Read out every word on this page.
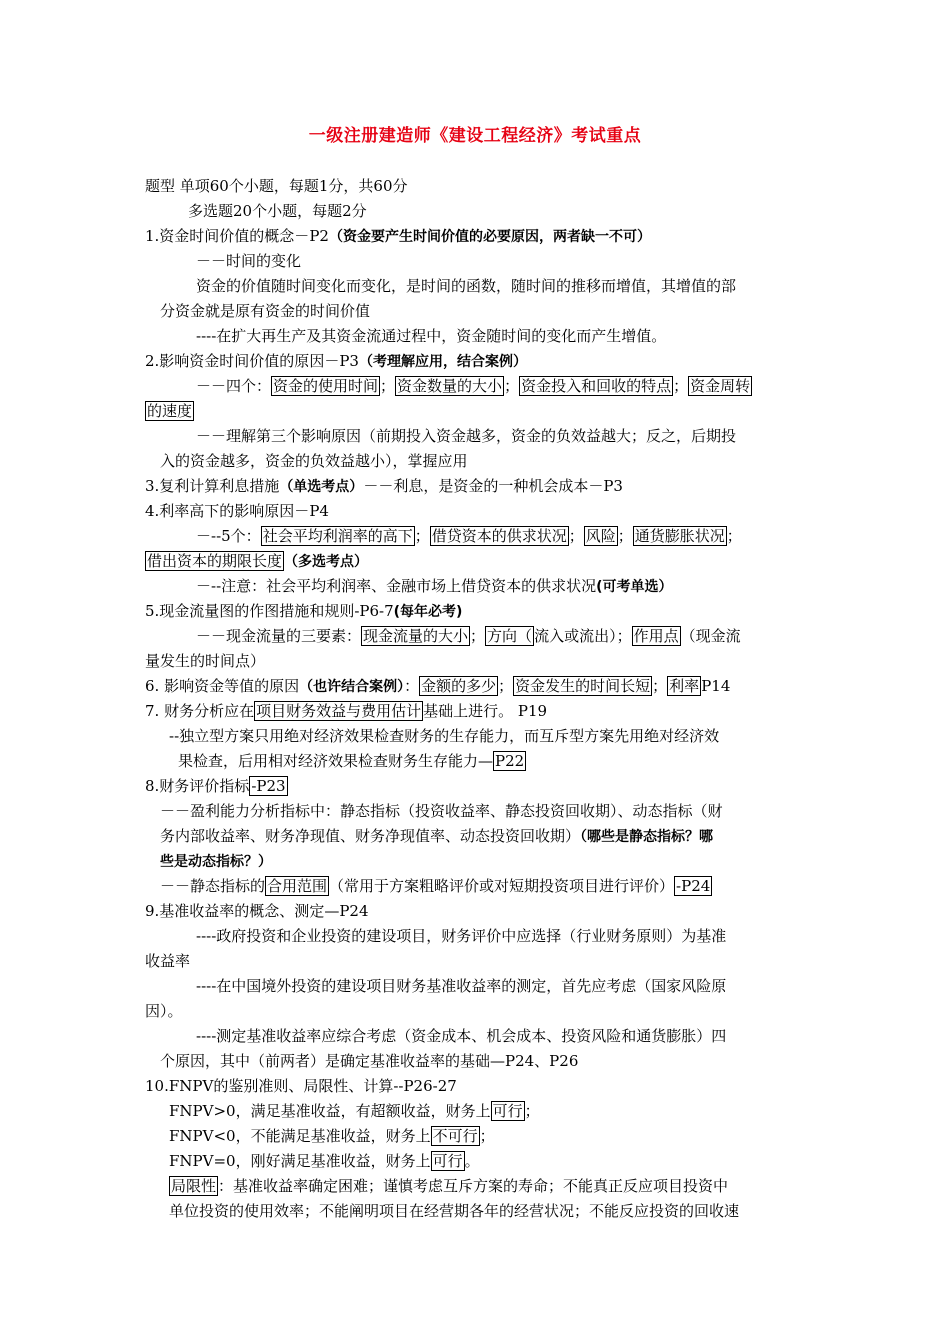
一级注册建造师《建设工程经济》考试重点
题型 单项60个小题，每题1分，共60分
多选题20个小题，每题2分
1.资金时间价值的概念－P2（资金要产生时间价值的必要原因，两者缺一不可）
－－时间的变化
资金的价值随时间变化而变化，是时间的函数，随时间的推移而增值，其增值的部
分资金就是原有资金的时间价值
----在扩大再生产及其资金流通过程中，资金随时间的变化而产生增值。
2.影响资金时间价值的原因－P3（考理解应用，结合案例）
－－四个： 资金的使用时间 ； 资金数量的大小 ； 资金投入和回收的特点 ； 资金周转
的速度
－－理解第三个影响原因（前期投入资金越多，资金的负效益越大；反之，后期投
入的资金越多，资金的负效益越小），掌握应用
3.复利计算利息措施（单选考点）－－利息，是资金的一种机会成本－P3
4.利率高下的影响原因－P4
－--5个： 社会平均利润率的高下 ； 借贷资本的供求状况 ； 风险 ； 通货膨胀状况 ；
借出资本的期限长度 （多选考点）
－--注意：社会平均利润率、金融市场上借贷资本的供求状况(可考单选）
5.现金流量图的作图措施和规则-P6-7(每年必考)
－－现金流量的三要素： 现金流量的大小 ； 方向（ 流入或流出）； 作用点 （现金流
量发生的时间点）
6. 影响资金等值的原因（也许结合案例）： 金额的多少 ； 资金发生的时间长短 ； 利率 P14
7. 财务分析应在 项目财务效益与费用估计 基础上进行。 P19
--独立型方案只用绝对经济效果检查财务的生存能力，而互斥型方案先用绝对经济效
果检查，后用相对经济效果检查财务生存能力— P22
8.财务评价指标 -P23
－－盈利能力分析指标中：静态指标（投资收益率、静态投资回收期）、动态指标（财
务内部收益率、财务净现值、财务净现值率、动态投资回收期）（哪些是静态指标？哪
些是动态指标？）
－－静态指标的 合用范围 （常用于方案粗略评价或对短期投资项目进行评价） -P24
9.基准收益率的概念、测定—P24
----政府投资和企业投资的建设项目，财务评价中应选择（行业财务原则）为基准
收益率
----在中国境外投资的建设项目财务基准收益率的测定，首先应考虑（国家风险原
因）。
----测定基准收益率应综合考虑（资金成本、机会成本、投资风险和通货膨胀）四
个原因，其中（前两者）是确定基准收益率的基础—P24、P26
10.FNPV的鉴别准则、局限性、计算--P26-27
FNPV>0，满足基准收益，有超额收益，财务上 可行 ；
FNPV<0，不能满足基准收益，财务上 不可行 ；
FNPV=0，刚好满足基准收益，财务上 可行 。
局限性 ：基准收益率确定困难；谨慎考虑互斥方案的寿命；不能真正反应项目投资中
单位投资的使用效率；不能阐明项目在经营期各年的经营状况；不能反应投资的回收速
